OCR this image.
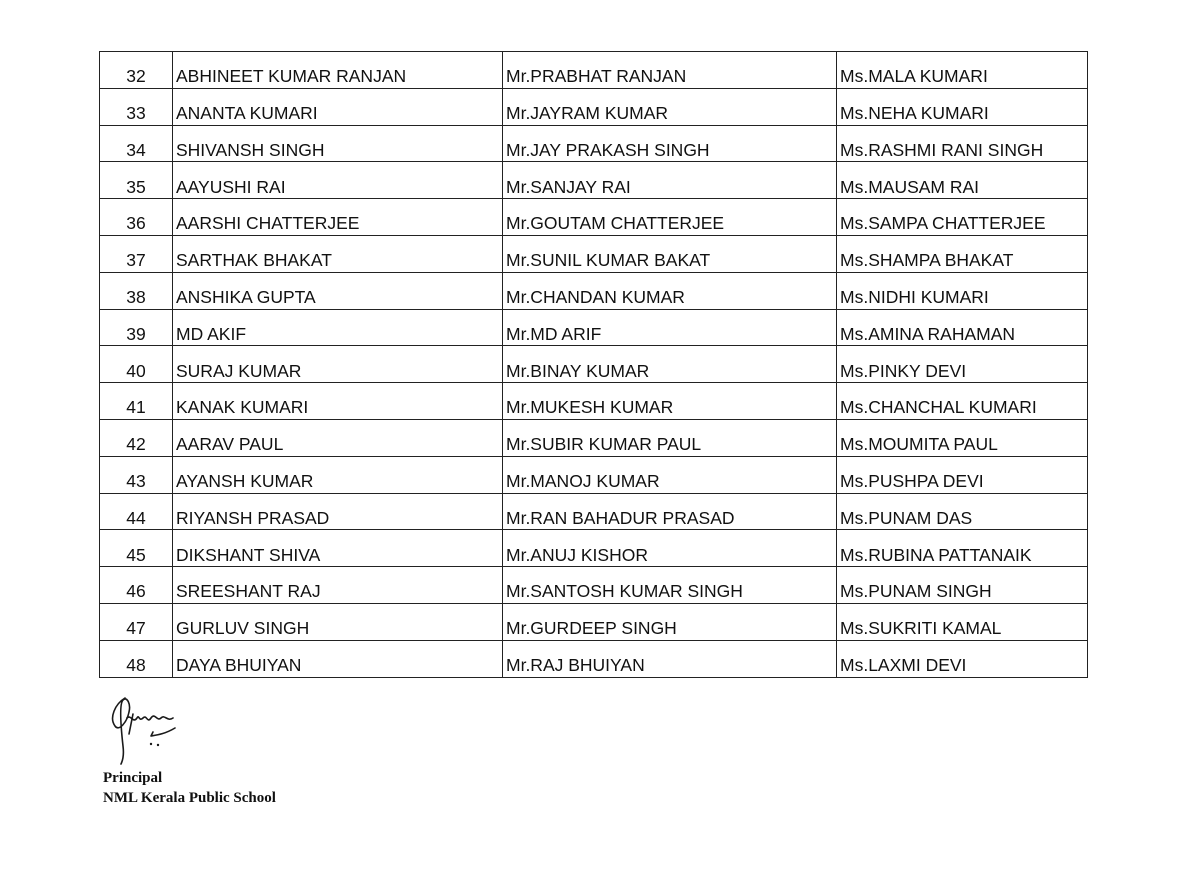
32	ABHINEET KUMAR RANJAN	Mr.PRABHAT RANJAN	Ms.MALA KUMARI

33	ANANTA KUMARI	Mr.JAYRAM KUMAR	Ms.NEHA KUMARI

34	SHIVANSH SINGH	Mr.JAY PRAKASH SINGH	Ms.RASHMI RANI SINGH

35	AAYUSHI RAI	Mr.SANJAY RAI	Ms.MAUSAM RAI

36	AARSHI CHATTERJEE	Mr.GOUTAM CHATTERJEE	Ms.SAMPA CHATTERJEE

37	SARTHAK BHAKAT	Mr.SUNIL KUMAR BAKAT	Ms.SHAMPA BHAKAT

38	ANSHIKA GUPTA	Mr.CHANDAN KUMAR	Ms.NIDHI KUMARI

39	MD AKIF	Mr.MD ARIF	Ms.AMINA RAHAMAN

40	SURAJ KUMAR	Mr.BINAY KUMAR	Ms.PINKY DEVI

41	KANAK KUMARI	Mr.MUKESH KUMAR	Ms.CHANCHAL KUMARI

42	AARAV PAUL	Mr.SUBIR KUMAR PAUL	Ms.MOUMITA PAUL

43	AYANSH KUMAR	Mr.MANOJ KUMAR	Ms.PUSHPA DEVI

44	RIYANSH PRASAD	Mr.RAN BAHADUR PRASAD	Ms.PUNAM DAS

45	DIKSHANT SHIVA	Mr.ANUJ KISHOR	Ms.RUBINA PATTANAIK

46	SREESHANT RAJ	Mr.SANTOSH KUMAR SINGH	Ms.PUNAM SINGH

47	GURLUV SINGH	Mr.GURDEEP SINGH	Ms.SUKRITI KAMAL

48	DAYA BHUIYAN	Mr.RAJ BHUIYAN	Ms.LAXMI DEVI

Principal

NML Kerala Public School
